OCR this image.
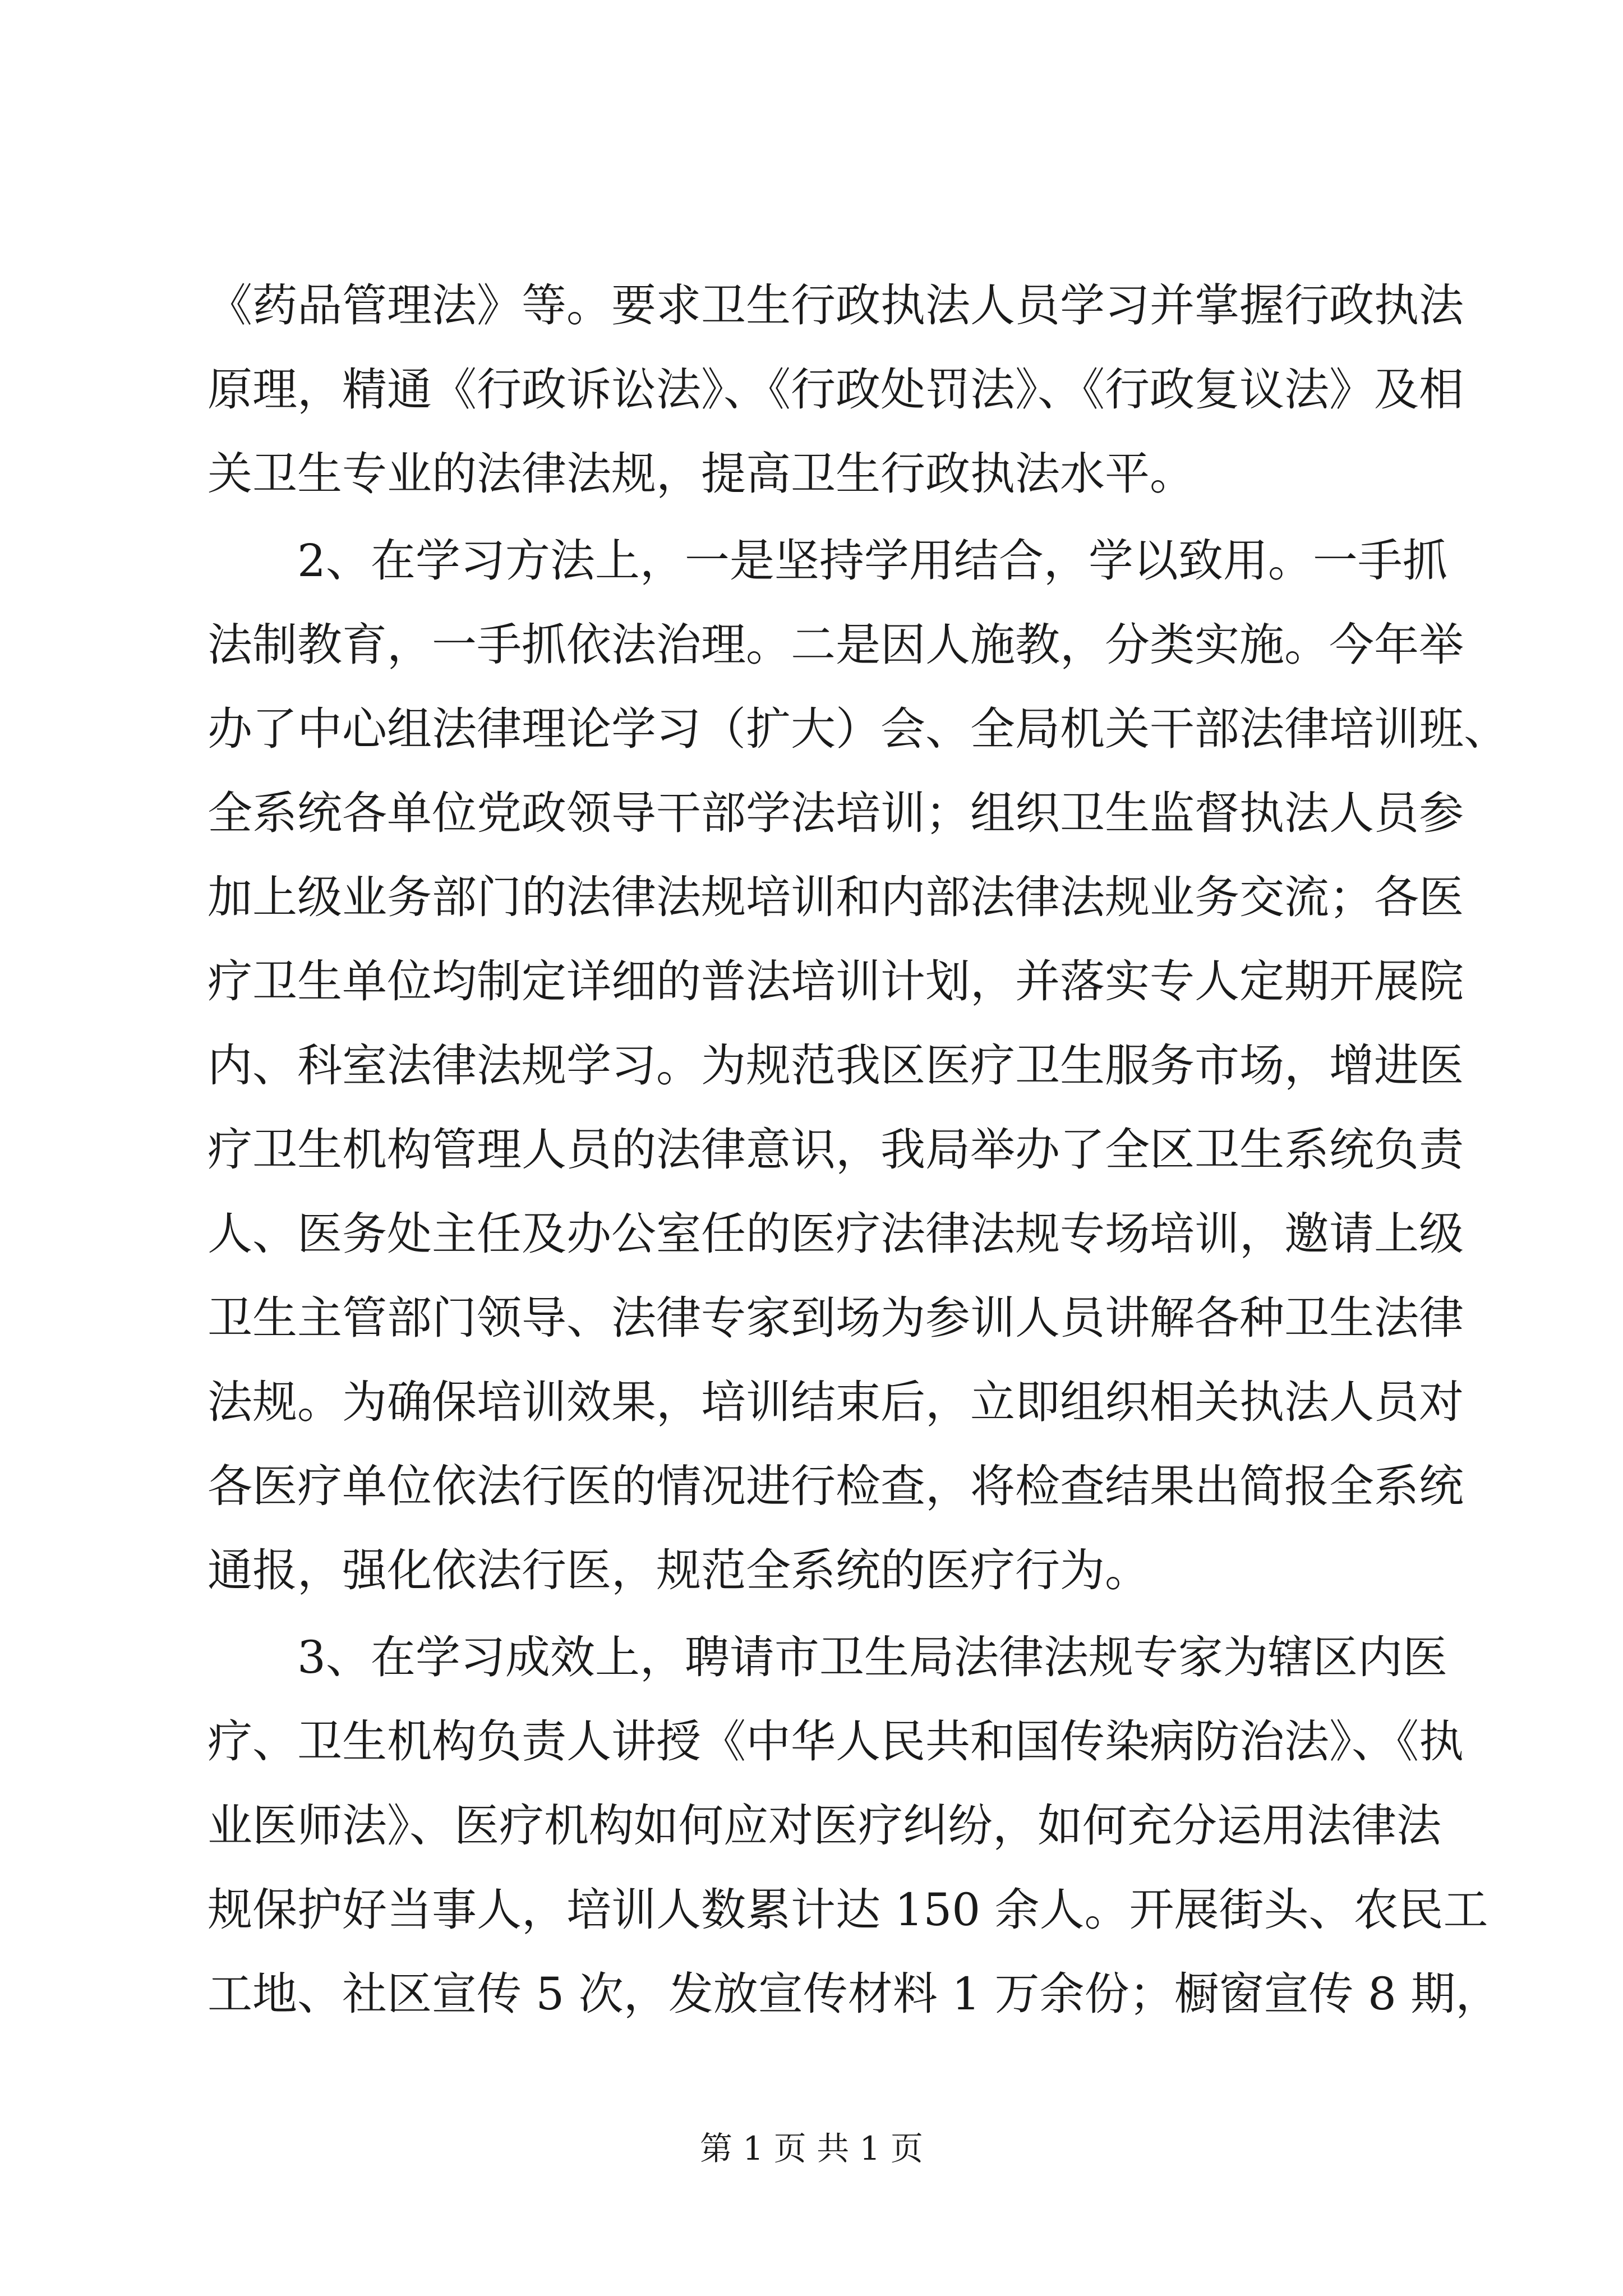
《药品管理法》等。要求卫生行政执法人员学习并掌握行政执法
原理，精通《行政诉讼法》、《行政处罚法》、《行政复议法》及相
关卫生专业的法律法规，提高卫生行政执法水平。
2、在学习方法上，一是坚持学用结合，学以致用。一手抓
法制教育，一手抓依法治理。二是因人施教，分类实施。今年举
办了中心组法律理论学习（扩大）会、全局机关干部法律培训班、
全系统各单位党政领导干部学法培训；组织卫生监督执法人员参
加上级业务部门的法律法规培训和内部法律法规业务交流；各医
疗卫生单位均制定详细的普法培训计划，并落实专人定期开展院
内、科室法律法规学习。为规范我区医疗卫生服务市场，增进医
疗卫生机构管理人员的法律意识，我局举办了全区卫生系统负责
人、医务处主任及办公室任的医疗法律法规专场培训，邀请上级
卫生主管部门领导、法律专家到场为参训人员讲解各种卫生法律
法规。为确保培训效果，培训结束后，立即组织相关执法人员对
各医疗单位依法行医的情况进行检查，将检查结果出简报全系统
通报，强化依法行医，规范全系统的医疗行为。
3、在学习成效上，聘请市卫生局法律法规专家为辖区内医
疗、卫生机构负责人讲授《中华人民共和国传染病防治法》、《执
业医师法》、医疗机构如何应对医疗纠纷，如何充分运用法律法
规保护好当事人，培训人数累计达 150 余人。开展街头、农民工
工地、社区宣传 5 次，发放宣传材料 1 万余份；橱窗宣传 8 期，
第 1 页 共 1 页
